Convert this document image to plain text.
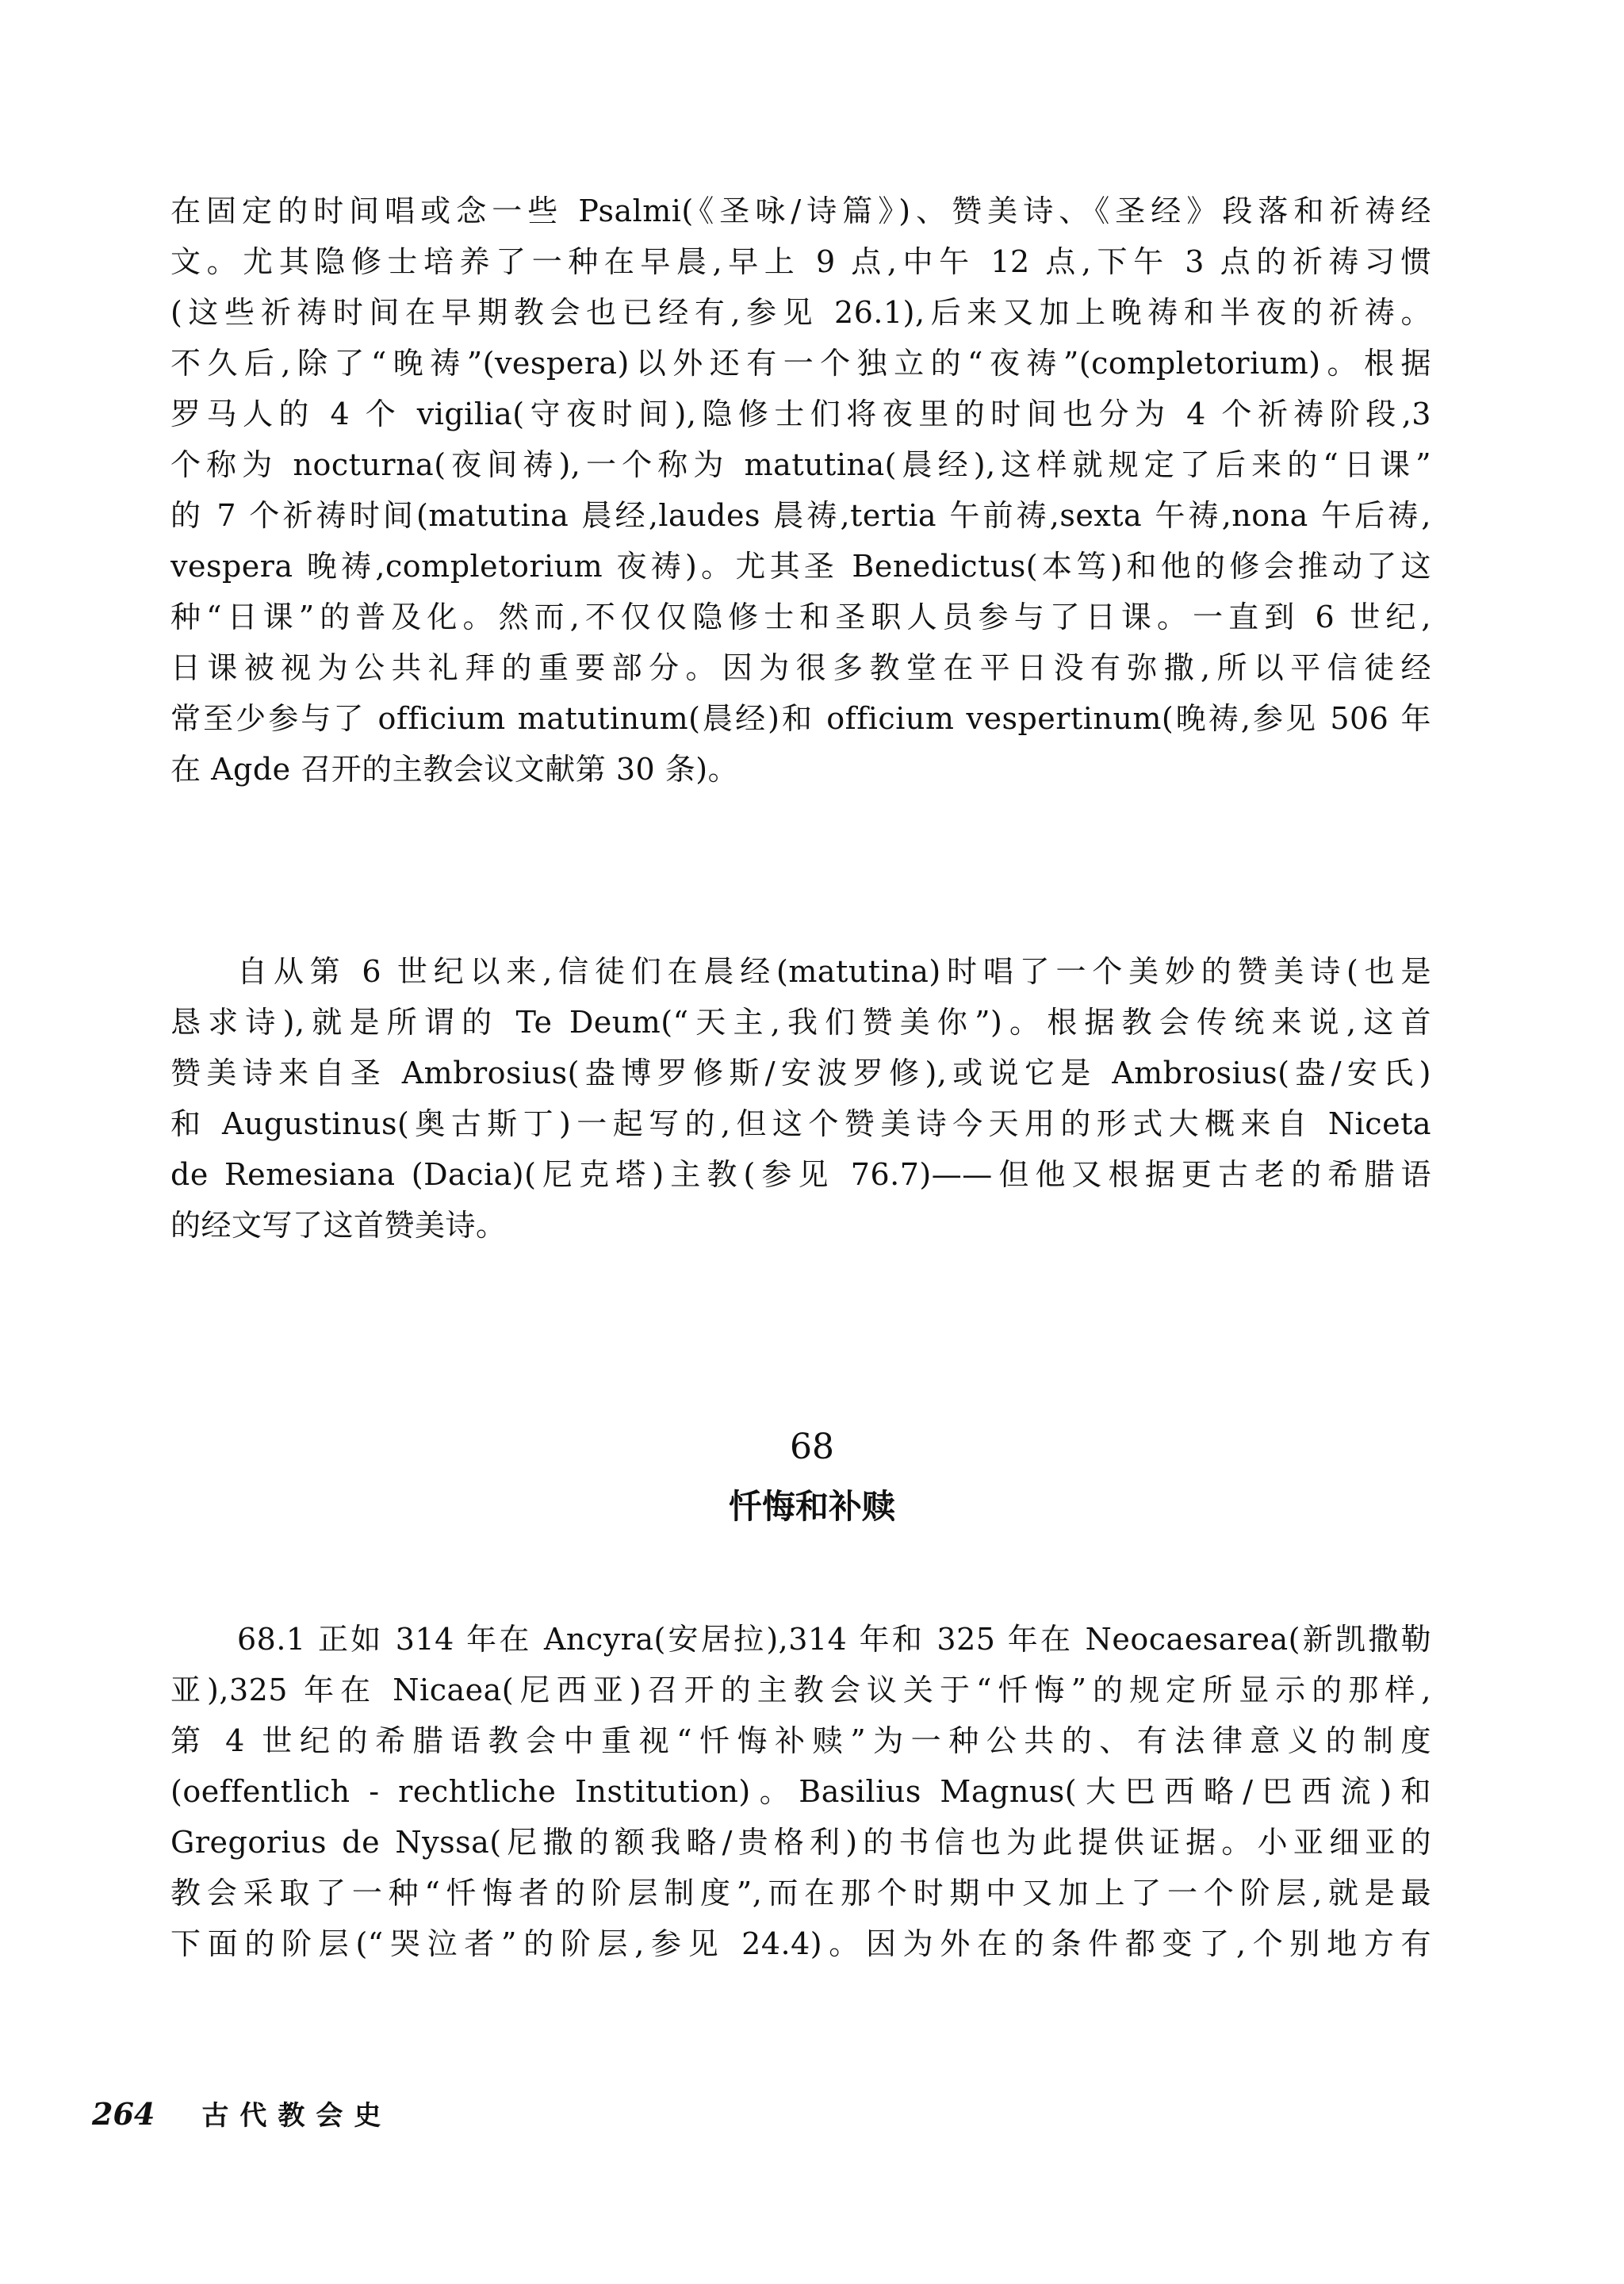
在固定的时间唱或念一些 Psalmi(《圣咏/诗篇》)、赞美诗、《圣经》段落和祈祷经
文。尤其隐修士培养了一种在早晨,早上 9 点,中午 12 点,下午 3 点的祈祷习惯
(这些祈祷时间在早期教会也已经有,参见 26.1),后来又加上晚祷和半夜的祈祷。
不久后,除了“晚祷”(vespera)以外还有一个独立的“夜祷”(completorium)。根据
罗马人的 4 个 vigilia(守夜时间),隐修士们将夜里的时间也分为 4 个祈祷阶段,3
个称为 nocturna(夜间祷),一个称为 matutina(晨经),这样就规定了后来的“日课”
的 7 个祈祷时间(matutina 晨经,laudes 晨祷,tertia 午前祷,sexta 午祷,nona 午后祷,
vespera 晚祷,completorium 夜祷)。尤其圣 Benedictus(本笃)和他的修会推动了这
种“日课”的普及化。然而,不仅仅隐修士和圣职人员参与了日课。一直到 6 世纪,
日课被视为公共礼拜的重要部分。因为很多教堂在平日没有弥撒,所以平信徒经
常至少参与了 officium matutinum(晨经)和 officium vespertinum(晚祷,参见 506 年
在 Agde 召开的主教会议文献第 30 条)。
自从第 6 世纪以来,信徒们在晨经(matutina)时唱了一个美妙的赞美诗(也是
恳求诗),就是所谓的 Te Deum(“天主,我们赞美你”)。根据教会传统来说,这首
赞美诗来自圣 Ambrosius(盎博罗修斯/安波罗修),或说它是 Ambrosius(盎/安氏)
和 Augustinus(奥古斯丁)一起写的,但这个赞美诗今天用的形式大概来自 Niceta
de Remesiana (Dacia)(尼克塔)主教(参见 76.7)——但他又根据更古老的希腊语
的经文写了这首赞美诗。
68
忏悔和补赎
68.1 正如 314 年在 Ancyra(安居拉),314 年和 325 年在 Neocaesarea(新凯撒勒
亚),325 年在 Nicaea(尼西亚)召开的主教会议关于“忏悔”的规定所显示的那样,
第 4 世纪的希腊语教会中重视“忏悔补赎”为一种公共的、有法律意义的制度
(oeffentlich - rechtliche Institution)。Basilius Magnus(大巴西略/巴西流)和
Gregorius de Nyssa(尼撒的额我略/贵格利)的书信也为此提供证据。小亚细亚的
教会采取了一种“忏悔者的阶层制度”,而在那个时期中又加上了一个阶层,就是最
下面的阶层(“哭泣者”的阶层,参见 24.4)。因为外在的条件都变了,个别地方有
264 古代教会史
